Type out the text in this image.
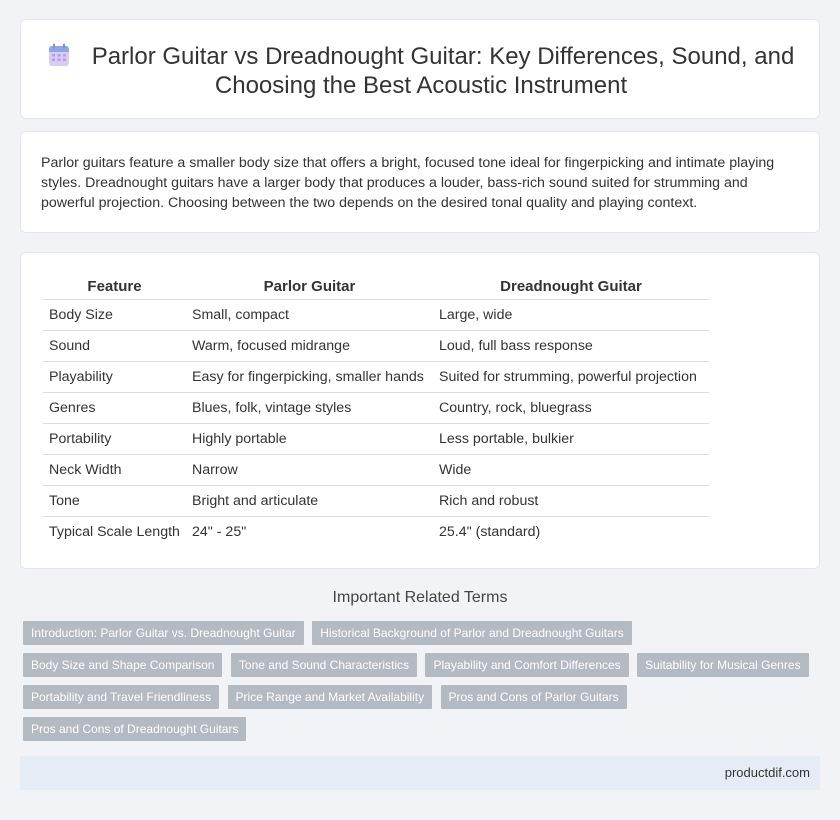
Parlor Guitar vs Dreadnought Guitar: Key Differences, Sound, and Choosing the Best Acoustic Instrument

Parlor guitars feature a smaller body size that offers a bright, focused tone ideal for fingerpicking and intimate playing styles. Dreadnought guitars have a larger body that produces a louder, bass-rich sound suited for strumming and powerful projection. Choosing between the two depends on the desired tonal quality and playing context.

Feature	Parlor Guitar	Dreadnought Guitar
Body Size	Small, compact	Large, wide
Sound	Warm, focused midrange	Loud, full bass response
Playability	Easy for fingerpicking, smaller hands	Suited for strumming, powerful projection
Genres	Blues, folk, vintage styles	Country, rock, bluegrass
Portability	Highly portable	Less portable, bulkier
Neck Width	Narrow	Wide
Tone	Bright and articulate	Rich and robust
Typical Scale Length	24" - 25"	25.4" (standard)
Important Related Terms
Introduction: Parlor Guitar vs. Dreadnought Guitar Historical Background of Parlor and Dreadnought Guitars Body Size and Shape Comparison Tone and Sound Characteristics Playability and Comfort Differences Suitability for Musical Genres Portability and Travel Friendliness Price Range and Market Availability Pros and Cons of Parlor Guitars Pros and Cons of Dreadnought Guitars
productdif.com
